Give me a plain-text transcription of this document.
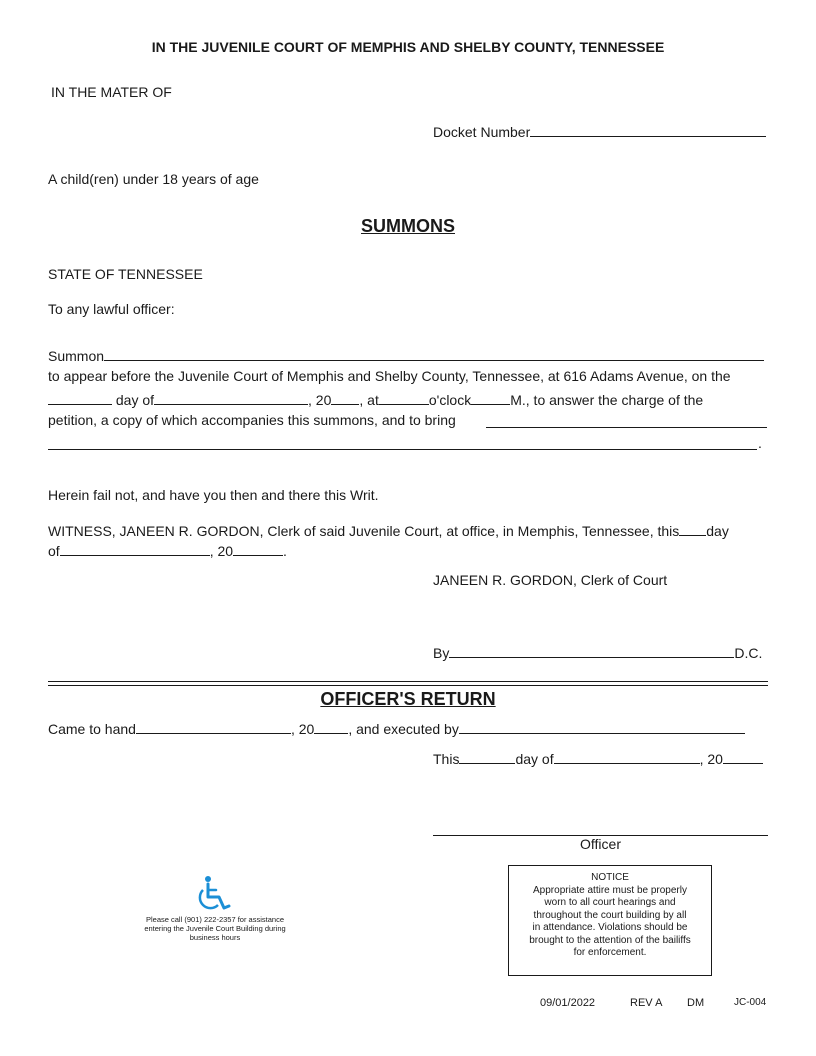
IN THE JUVENILE COURT OF MEMPHIS AND SHELBY COUNTY, TENNESSEE
IN THE MATER OF
Docket Number
A child(ren) under 18 years of age
SUMMONS
STATE OF TENNESSEE
To any lawful officer:
Summon
to appear before the Juvenile Court of Memphis and Shelby County, Tennessee, at 616 Adams Avenue, on the
day of	, 20 , at	o'clock	M., to answer the charge of the
petition, a copy of which accompanies this summons, and to bring
.
Herein fail not, and have you then and there this Writ.
WITNESS, JANEEN R. GORDON, Clerk of said Juvenile Court, at office, in Memphis, Tennessee, this day
of	, 20	.
JANEEN R. GORDON, Clerk of Court
By	D.C.
OFFICER'S RETURN
Came to hand	, 20 , and executed by
This	day of	, 20
Officer
Please call (901) 222-2357 for assistance entering the Juvenile Court Building during business hours
NOTICE
Appropriate attire must be properly
worn to all court hearings and
throughout the court building by all
in attendance. Violations should be
brought to the attention of the bailiffs
for enforcement.
09/01/2022	REV A DM	JC-004
